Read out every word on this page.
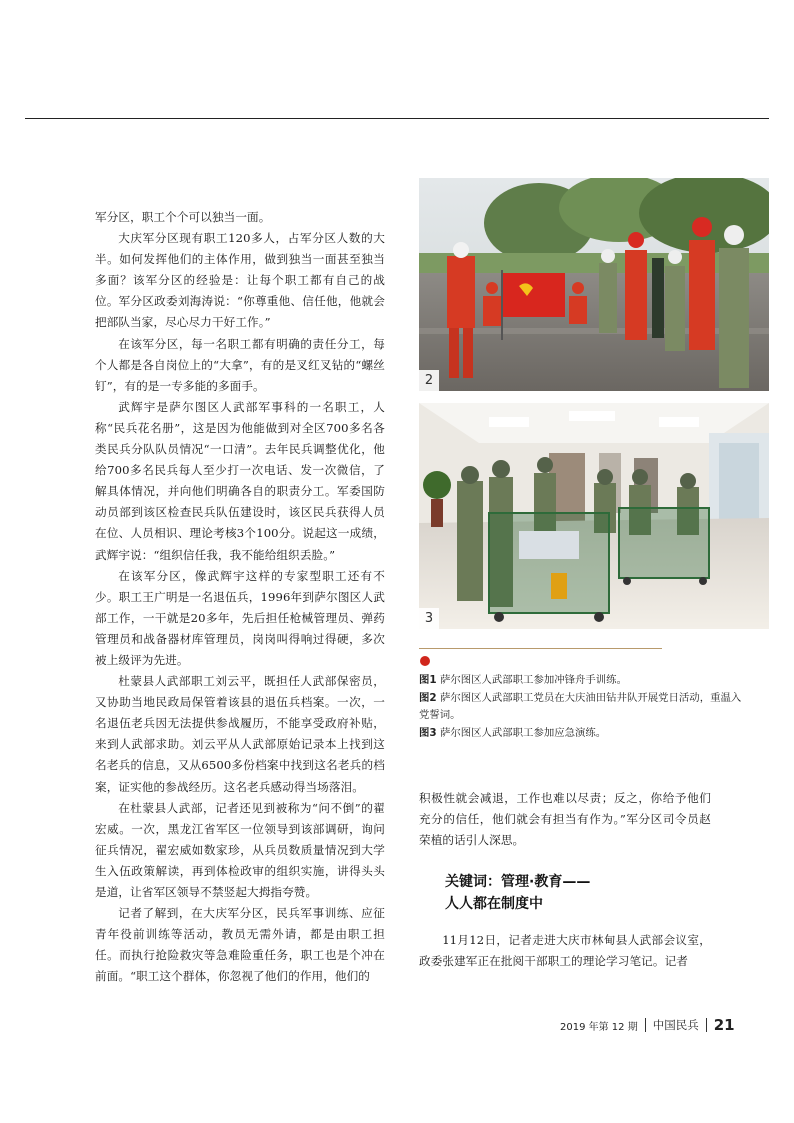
军分区，职工个个可以独当一面。

大庆军分区现有职工120多人，占军分区人数的大半。如何发挥他们的主体作用，做到独当一面甚至独当多面？该军分区的经验是：让每个职工都有自己的战位。军分区政委刘海涛说：“你尊重他、信任他，他就会把部队当家，尽心尽力干好工作。”

在该军分区，每一名职工都有明确的责任分工，每个人都是各自岗位上的“大拿”，有的是叉红叉钻的“螺丝钉”，有的是一专多能的多面手。

武辉宇是萨尔图区人武部军事科的一名职工，人称“民兵花名册”，这是因为他能做到对全区700多名各类民兵分队队员情况“一口清”。去年民兵调整优化，他给700多名民兵每人至少打一次电话、发一次微信，了解具体情况，并向他们明确各自的职责分工。军委国防动员部到该区检查民兵队伍建设时，该区民兵获得人员在位、人员相识、理论考核3个100分。说起这一成绩，武辉宇说：“组织信任我，我不能给组织丢脸。”

在该军分区，像武辉宇这样的专家型职工还有不少。职工王广明是一名退伍兵，1996年到萨尔图区人武部工作，一干就是20多年，先后担任枪械管理员、弹药管理员和战备器材库管理员，岗岗叫得响过得硬，多次被上级评为先进。

杜蒙县人武部职工刘云平，既担任人武部保密员，又协助当地民政局保管着该县的退伍兵档案。一次，一名退伍老兵因无法提供参战履历，不能享受政府补贴，来到人武部求助。刘云平从人武部原始记录本上找到这名老兵的信息，又从6500多份档案中找到这名老兵的档案，证实他的参战经历。这名老兵感动得当场落泪。

在杜蒙县人武部，记者还见到被称为“问不倒”的翟宏威。一次，黑龙江省军区一位领导到该部调研，询问征兵情况，翟宏威如数家珍，从兵员数质量情况到大学生入伍政策解读，再到体检政审的组织实施，讲得头头是道，让省军区领导不禁竖起大拇指夸赞。

记者了解到，在大庆军分区，民兵军事训练、应征青年役前训练等活动，教员无需外请，都是由职工担任。而执行抢险救灾等急难险重任务，职工也是个冲在前面。“职工这个群体，你忽视了他们的作用，他们的

2
3
图1 萨尔图区人武部职工参加冲锋舟手训练。
图2 萨尔图区人武部职工党员在大庆油田钻井队开展党日活动，重温入党誓词。
图3 萨尔图区人武部职工参加应急演练。

积极性就会减退，工作也难以尽责；反之，你给予他们充分的信任，他们就会有担当有作为。”军分区司令员赵荣植的话引人深思。

关键词：管理·教育——
人人都在制度中

11月12日，记者走进大庆市林甸县人武部会议室，政委张建军正在批阅干部职工的理论学习笔记。记者

2019 年第 12 期 中国民兵 21
